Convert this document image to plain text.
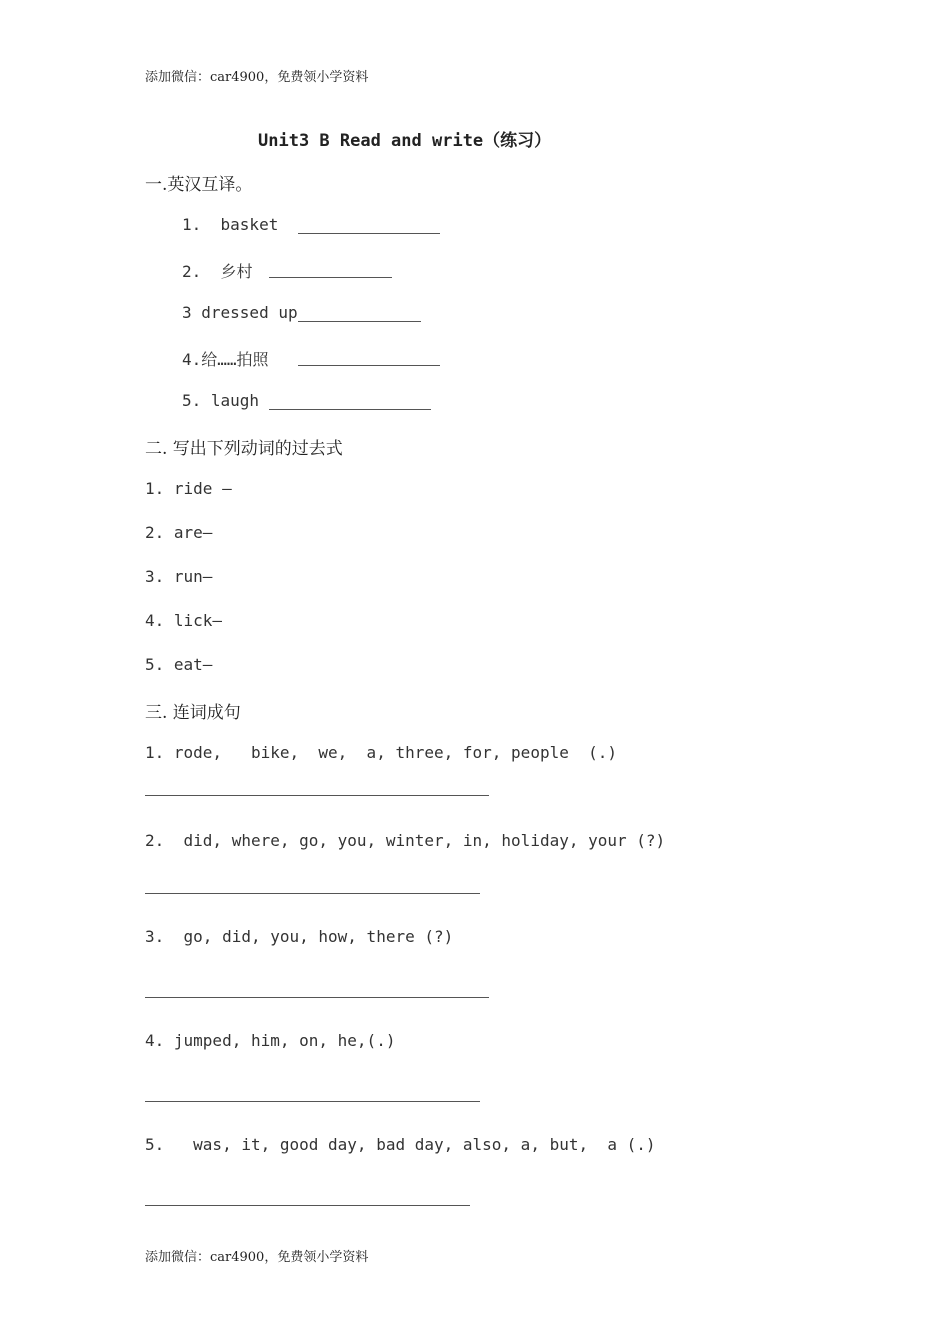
添加微信：car4900，免费领小学资料
Unit3 B Read and write（练习）
一.英汉互译。
1.  basket
2.  乡村
3 dressed up
4.给……拍照
5. laugh
二. 写出下列动词的过去式
1. ride —
2. are—
3. run—
4. lick—
5. eat—
三. 连词成句
1. rode,   bike,  we,  a, three, for, people  (.)
2.  did, where, go, you, winter, in, holiday, your (?)
3.  go, did, you, how, there (?)
4. jumped, him, on, he,(.)
5.   was, it, good day, bad day, also, a, but,  a (.)
添加微信：car4900，免费领小学资料
